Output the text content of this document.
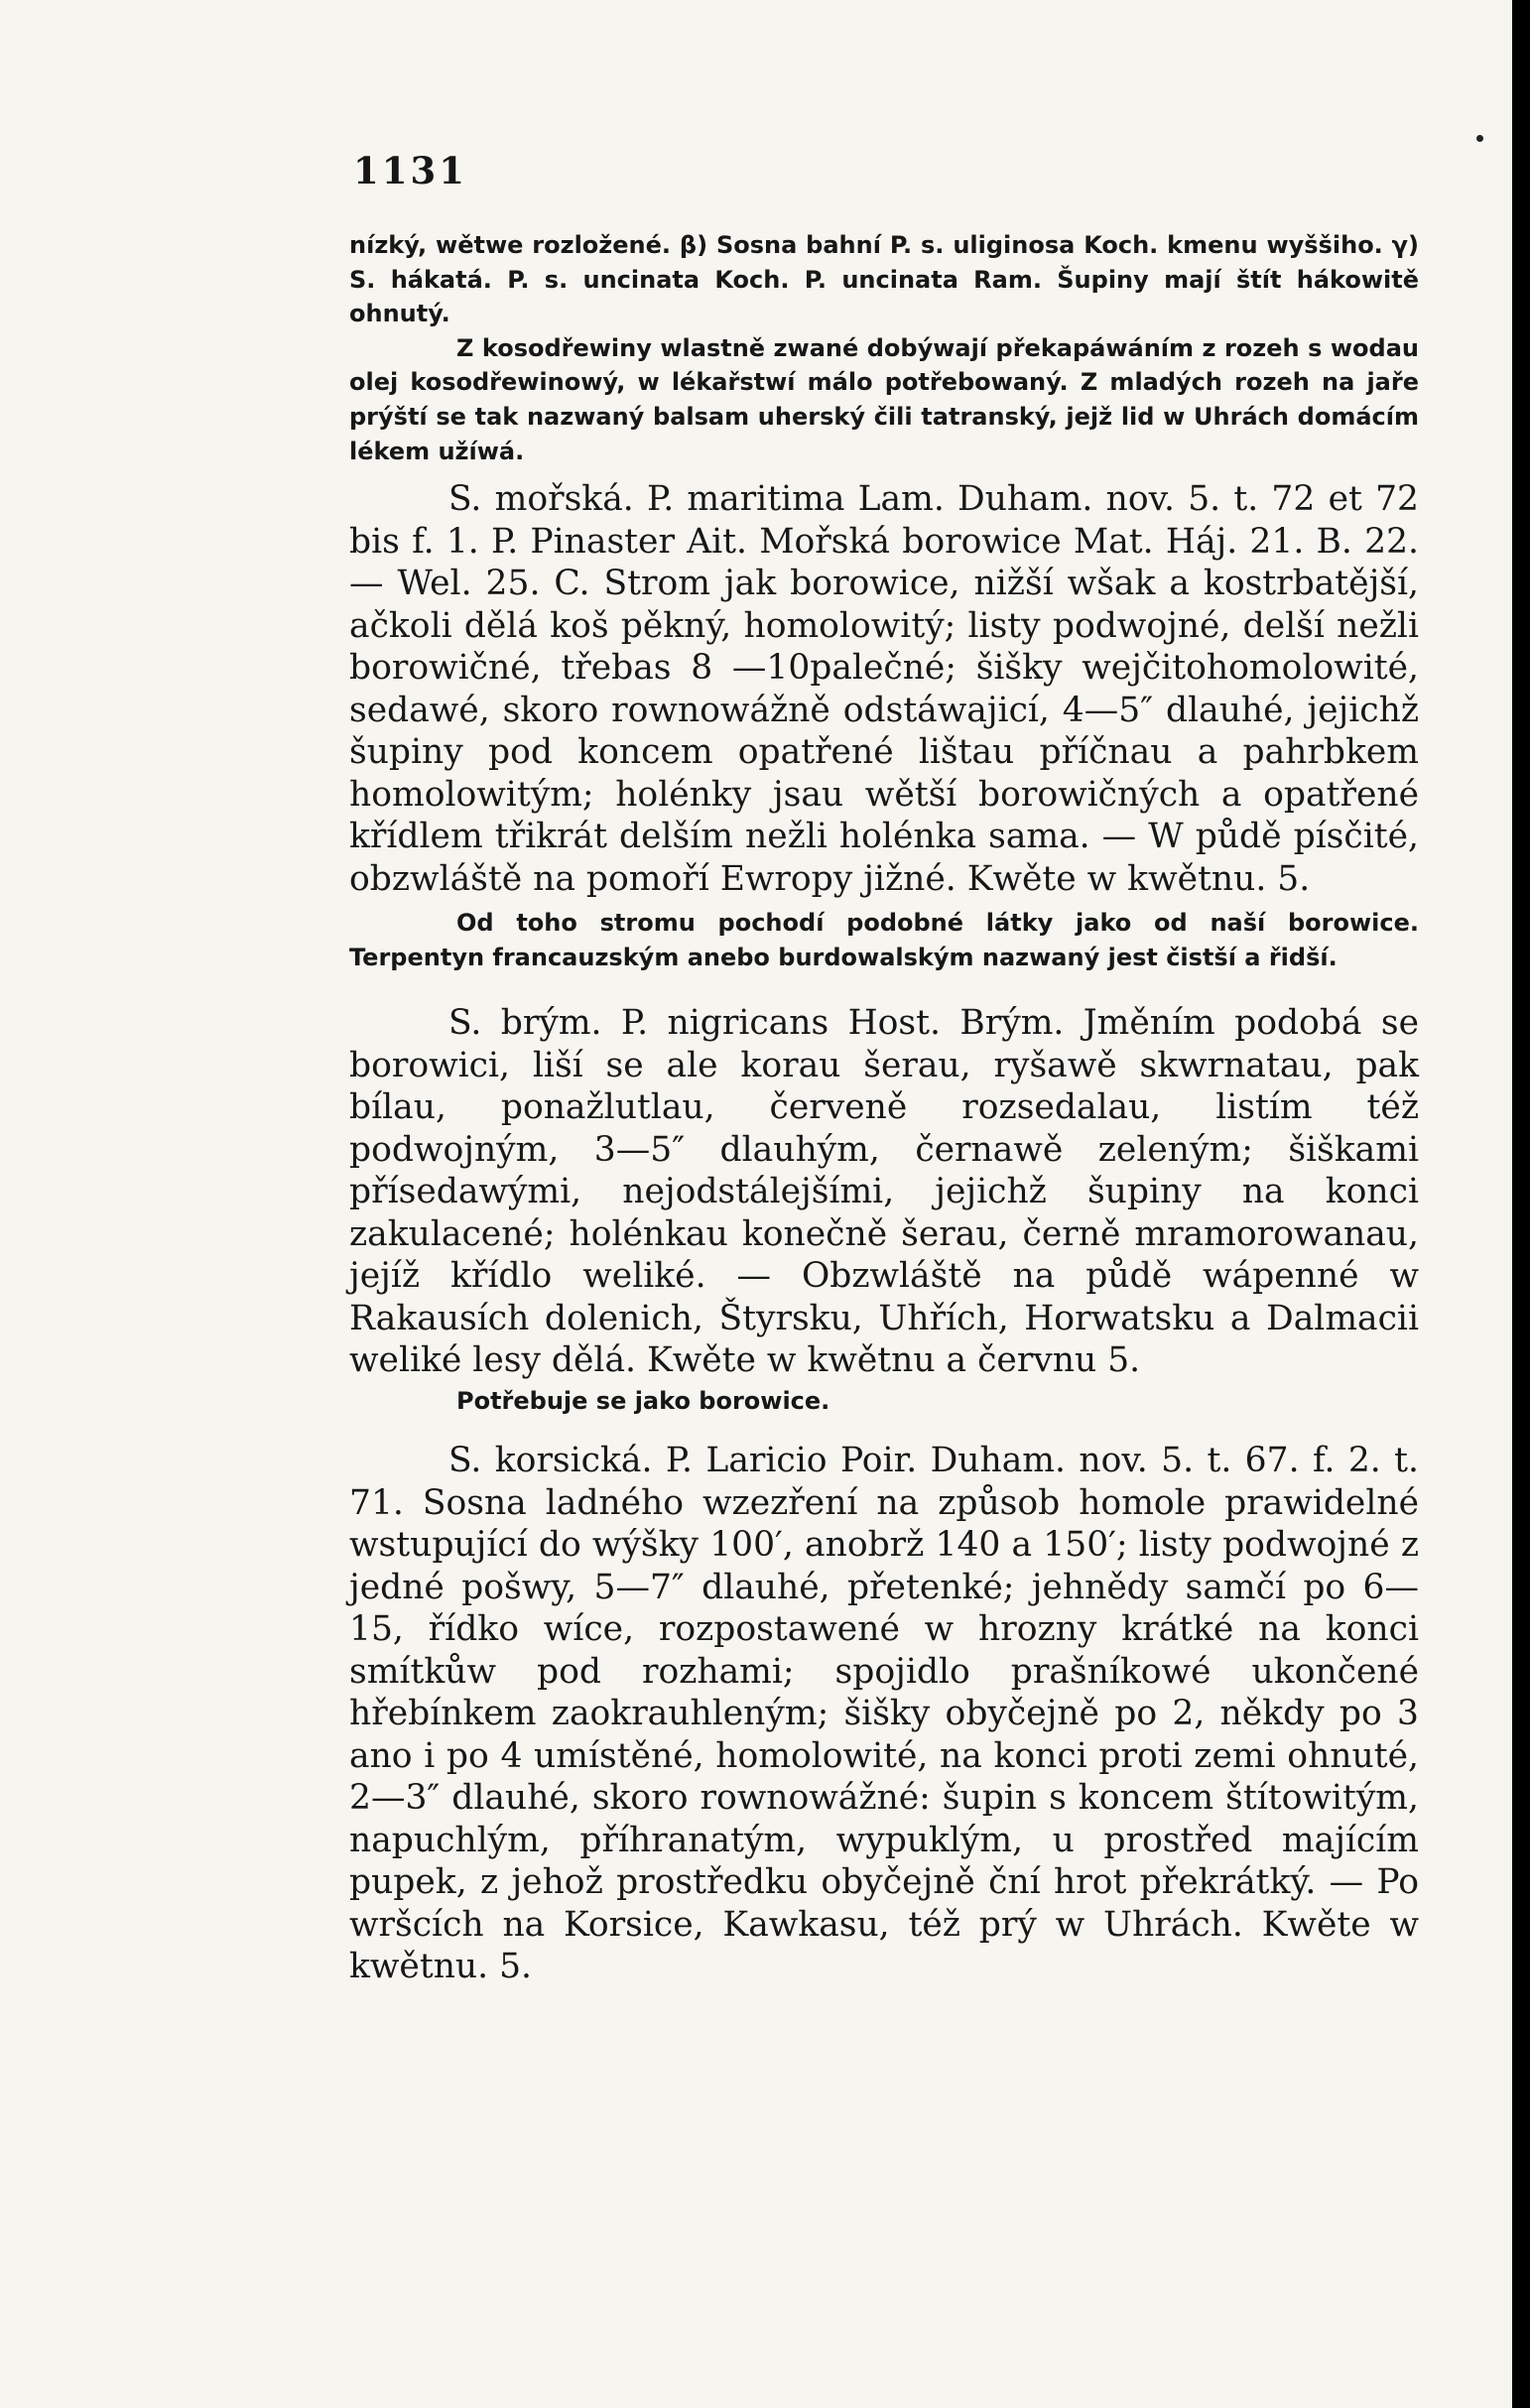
1131

nízký, wětwe rozložené. β) Sosna bahní P. s. uliginosa Koch. kmenu wyššiho. γ) S. hákatá. P. s. uncinata Koch. P. uncinata Ram. Šupiny mají štít hákowitě ohnutý.

Z kosodřewiny wlastně zwané dobýwají překapáwáním z rozeh s wodau olej kosodřewinowý, w lékařstwí málo potřebowaný. Z mladých rozeh na jaře prýští se tak nazwaný balsam uherský čili tatranský, jejž lid w Uhrách domácím lékem užíwá.

S. mořská. P. maritima Lam. Duham. nov. 5. t. 72 et 72 bis f. 1. P. Pinaster Ait. Mořská borowice Mat. Háj. 21. B. 22. — Wel. 25. C. Strom jak borowice, nižší wšak a kostrbatější, ačkoli dělá koš pěkný, homolowitý; listy podwojné, delší nežli borowičné, třebas 8 —10palečné; šišky wejčitohomolowité, sedawé, skoro rownowážně odstáwajicí, 4—5″ dlauhé, jejichž šupiny pod koncem opatřené lištau příčnau a pahrbkem homolowitým; holénky jsau wětší borowičných a opatřené křídlem třikrát delším nežli holénka sama. — W půdě písčité, obzwláště na pomoří Ewropy jižné. Kwěte w kwětnu. 5.

Od toho stromu pochodí podobné látky jako od naší borowice. Terpentyn francauzským anebo burdowalským nazwaný jest čistší a řidší.

S. brým. P. nigricans Host. Brým. Jměním podobá se borowici, liší se ale korau šerau, ryšawě skwrnatau, pak bílau, ponažlutlau, červeně rozsedalau, listím též podwojným, 3—5″ dlauhým, černawě zeleným; šiškami přísedawými, nejodstálejšími, jejichž šupiny na konci zakulacené; holénkau konečně šerau, černě mramorowanau, jejíž křídlo weliké. — Obzwláště na půdě wápenné w Rakausích dolenich, Štyrsku, Uhřích, Horwatsku a Dalmacii weliké lesy dělá. Kwěte w kwětnu a červnu 5.

Potřebuje se jako borowice.

S. korsická. P. Laricio Poir. Duham. nov. 5. t. 67. f. 2. t. 71. Sosna ladného wzezření na způsob homole prawidelné wstupující do wýšky 100′, anobrž 140 a 150′; listy podwojné z jedné pošwy, 5—7″ dlauhé, přetenké; jehnědy samčí po 6—15, řídko wíce, rozpostawené w hrozny krátké na konci smítkůw pod rozhami; spojidlo prašníkowé ukončené hřebínkem zaokrauhleným; šišky obyčejně po 2, někdy po 3 ano i po 4 umístěné, homolowité, na konci proti zemi ohnuté, 2—3″ dlauhé, skoro rownowážné: šupin s koncem štítowitým, napuchlým, příhranatým, wypuklým, u prostřed majícím pupek, z jehož prostředku obyčejně ční hrot překrátký. — Po wršcích na Korsice, Kawkasu, též prý w Uhrách. Kwěte w kwětnu. 5.
